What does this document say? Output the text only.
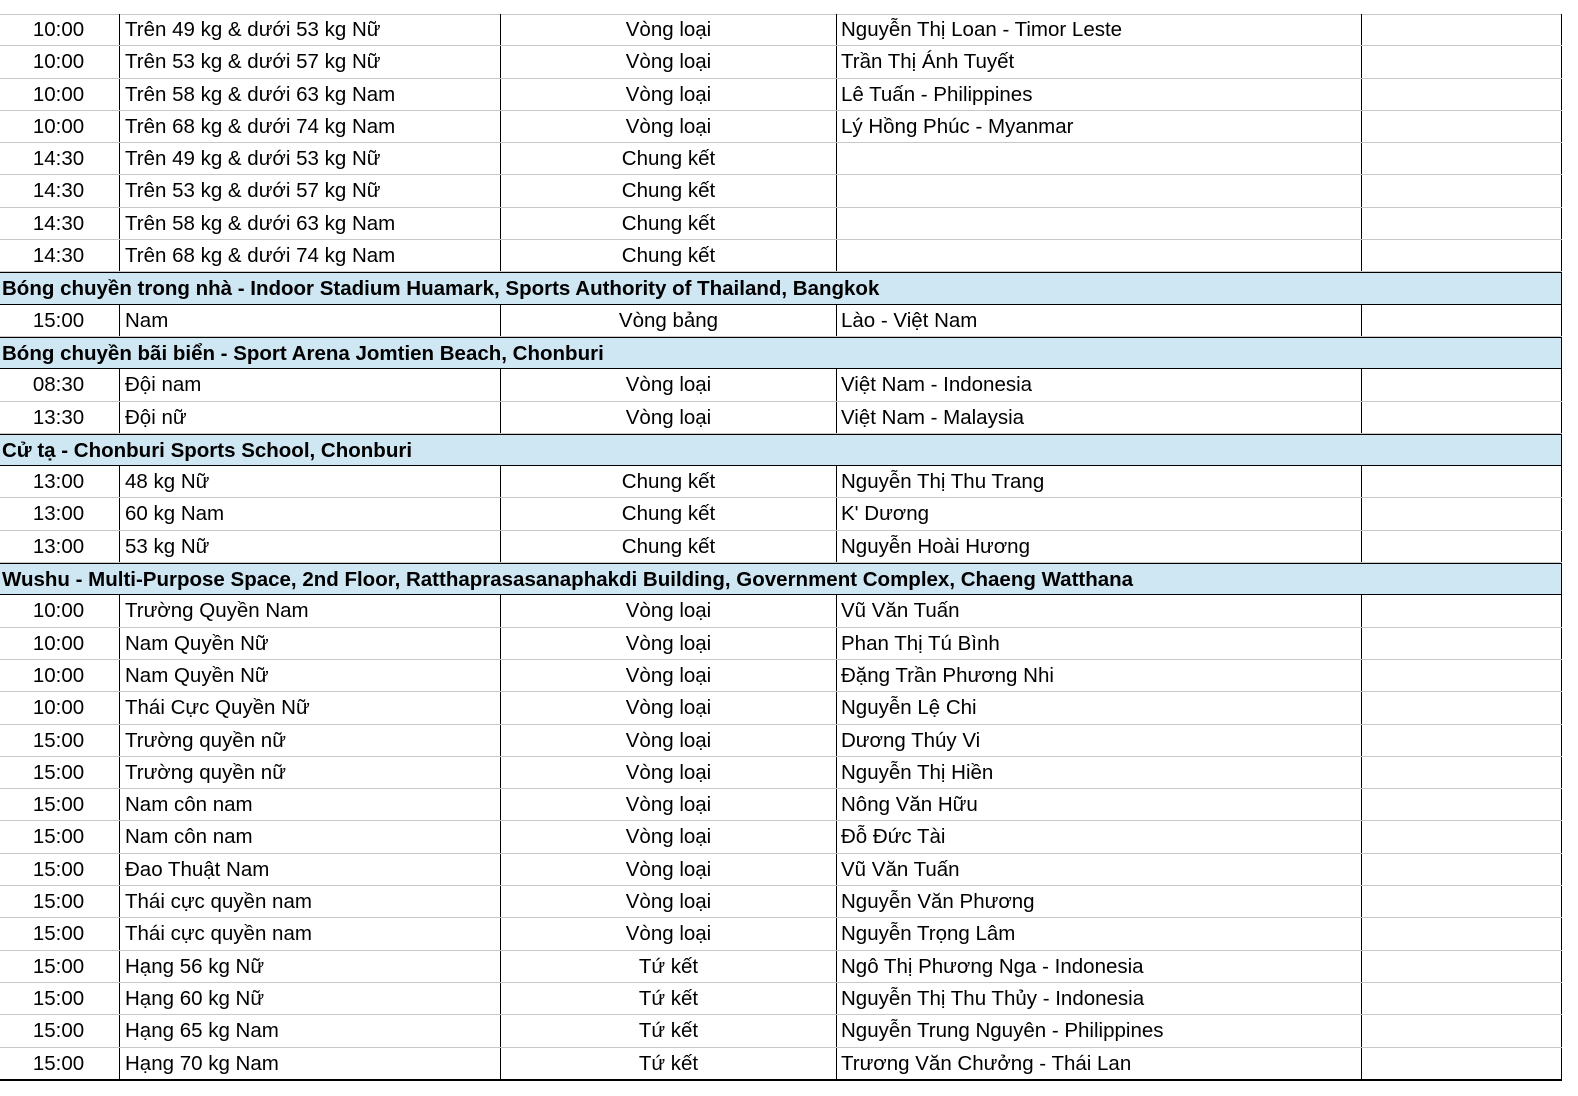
10:00	Trên 49 kg & dưới 53 kg Nữ	Vòng loại	Nguyễn Thị Loan - Timor Leste
10:00	Trên 53 kg & dưới 57 kg Nữ	Vòng loại	Trần Thị Ánh Tuyết
10:00	Trên 58 kg & dưới 63 kg Nam	Vòng loại	Lê Tuấn - Philippines
10:00	Trên 68 kg & dưới 74 kg Nam	Vòng loại	Lý Hồng Phúc - Myanmar
14:30	Trên 49 kg & dưới 53 kg Nữ	Chung kết
14:30	Trên 53 kg & dưới 57 kg Nữ	Chung kết
14:30	Trên 58 kg & dưới 63 kg Nam	Chung kết
14:30	Trên 68 kg & dưới 74 kg Nam	Chung kết
Bóng chuyền trong nhà - Indoor Stadium Huamark, Sports Authority of Thailand, Bangkok
15:00	Nam	Vòng bảng	Lào - Việt Nam
Bóng chuyền bãi biển - Sport Arena Jomtien Beach, Chonburi
08:30	Đội nam	Vòng loại	Việt Nam - Indonesia
13:30	Đội nữ	Vòng loại	Việt Nam - Malaysia
Cử tạ - Chonburi Sports School, Chonburi
13:00	48 kg Nữ	Chung kết	Nguyễn Thị Thu Trang
13:00	60 kg Nam	Chung kết	K' Dương
13:00	53 kg Nữ	Chung kết	Nguyễn Hoài Hương
Wushu - Multi-Purpose Space, 2nd Floor, Ratthaprasasanaphakdi Building, Government Complex, Chaeng Watthana
10:00	Trường Quyền Nam	Vòng loại	Vũ Văn Tuấn
10:00	Nam Quyền Nữ	Vòng loại	Phan Thị Tú Bình
10:00	Nam Quyền Nữ	Vòng loại	Đặng Trần Phương Nhi
10:00	Thái Cực Quyền Nữ	Vòng loại	Nguyễn Lệ Chi
15:00	Trường quyền nữ	Vòng loại	Dương Thúy Vi
15:00	Trường quyền nữ	Vòng loại	Nguyễn Thị Hiền
15:00	Nam côn nam	Vòng loại	Nông Văn Hữu
15:00	Nam côn nam	Vòng loại	Đỗ Đức Tài
15:00	Đao Thuật Nam	Vòng loại	Vũ Văn Tuấn
15:00	Thái cực quyền nam	Vòng loại	Nguyễn Văn Phương
15:00	Thái cực quyền nam	Vòng loại	Nguyễn Trọng Lâm
15:00	Hạng 56 kg Nữ	Tứ kết	Ngô Thị Phương Nga - Indonesia
15:00	Hạng 60 kg Nữ	Tứ kết	Nguyễn Thị Thu Thủy - Indonesia
15:00	Hạng 65 kg Nam	Tứ kết	Nguyễn Trung Nguyên - Philippines
15:00	Hạng 70 kg Nam	Tứ kết	Trương Văn Chưởng - Thái Lan
